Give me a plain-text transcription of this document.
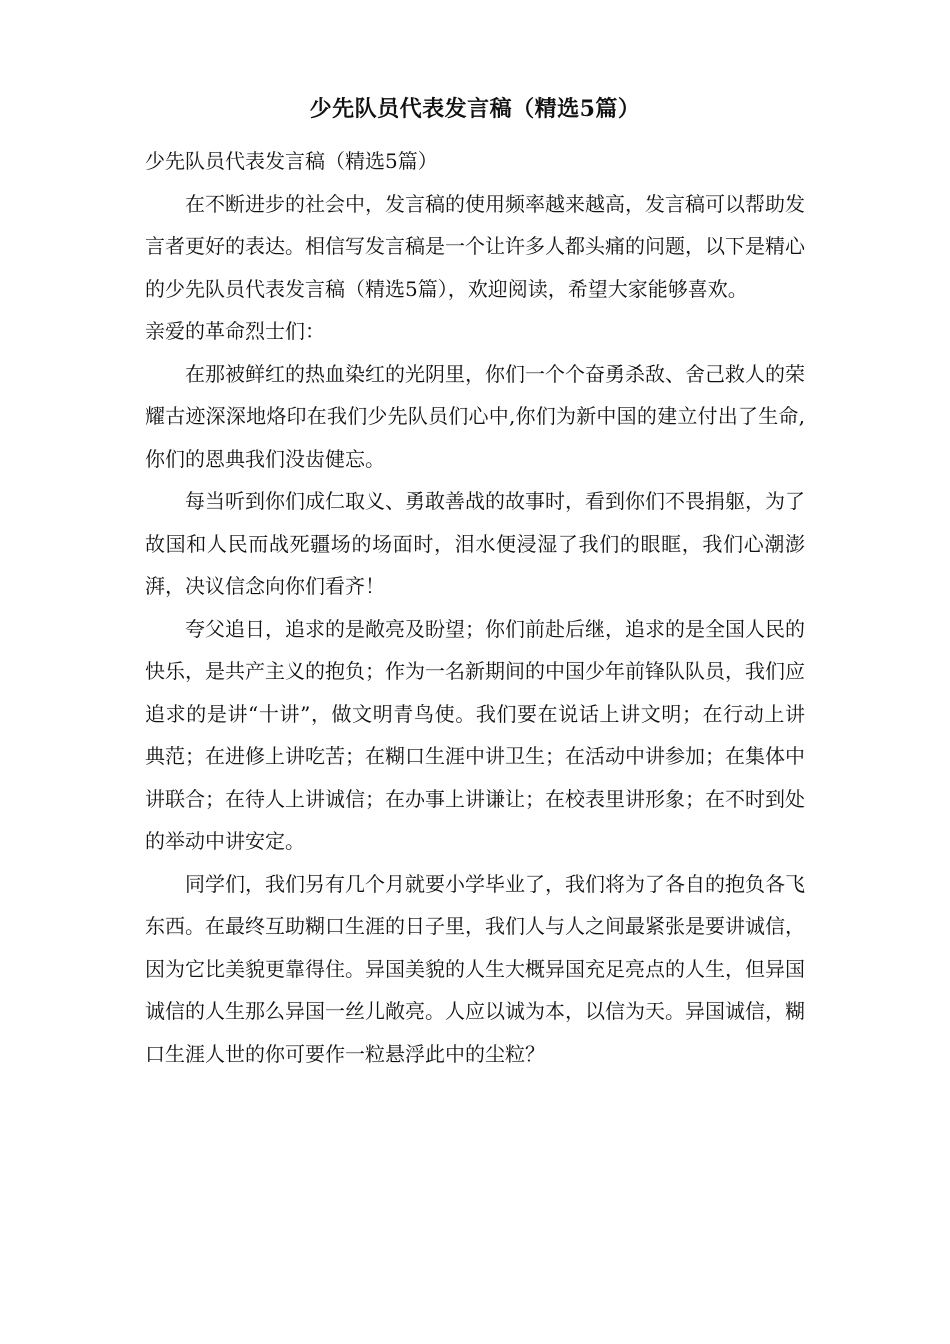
少先队员代表发言稿（精选5篇）

少先队员代表发言稿（精选5篇）

在不断进步的社会中，发言稿的使用频率越来越高，发言稿可以帮助发言者更好的表达。相信写发言稿是一个让许多人都头痛的问题，以下是精心的少先队员代表发言稿（精选5篇），欢迎阅读，希望大家能够喜欢。

亲爱的革命烈士们：

在那被鲜红的热血染红的光阴里，你们一个个奋勇杀敌、舍己救人的荣耀古迹深深地烙印在我们少先队员们心中,你们为新中国的建立付出了生命,你们的恩典我们没齿健忘。

每当听到你们成仁取义、勇敢善战的故事时，看到你们不畏捐躯，为了故国和人民而战死疆场的场面时，泪水便浸湿了我们的眼眶，我们心潮澎湃，决议信念向你们看齐！

夸父追日，追求的是敞亮及盼望；你们前赴后继，追求的是全国人民的快乐，是共产主义的抱负；作为一名新期间的中国少年前锋队队员，我们应追求的是讲“十讲”，做文明青鸟使。我们要在说话上讲文明；在行动上讲典范；在进修上讲吃苦；在糊口生涯中讲卫生；在活动中讲参加；在集体中讲联合；在待人上讲诚信；在办事上讲谦让；在校表里讲形象；在不时到处的举动中讲安定。

同学们，我们另有几个月就要小学毕业了，我们将为了各自的抱负各飞东西。在最终互助糊口生涯的日子里，我们人与人之间最紧张是要讲诚信，因为它比美貌更靠得住。异国美貌的人生大概异国充足亮点的人生，但异国诚信的人生那么异国一丝儿敞亮。人应以诚为本，以信为天。异国诚信，糊口生涯人世的你可要作一粒悬浮此中的尘粒？
